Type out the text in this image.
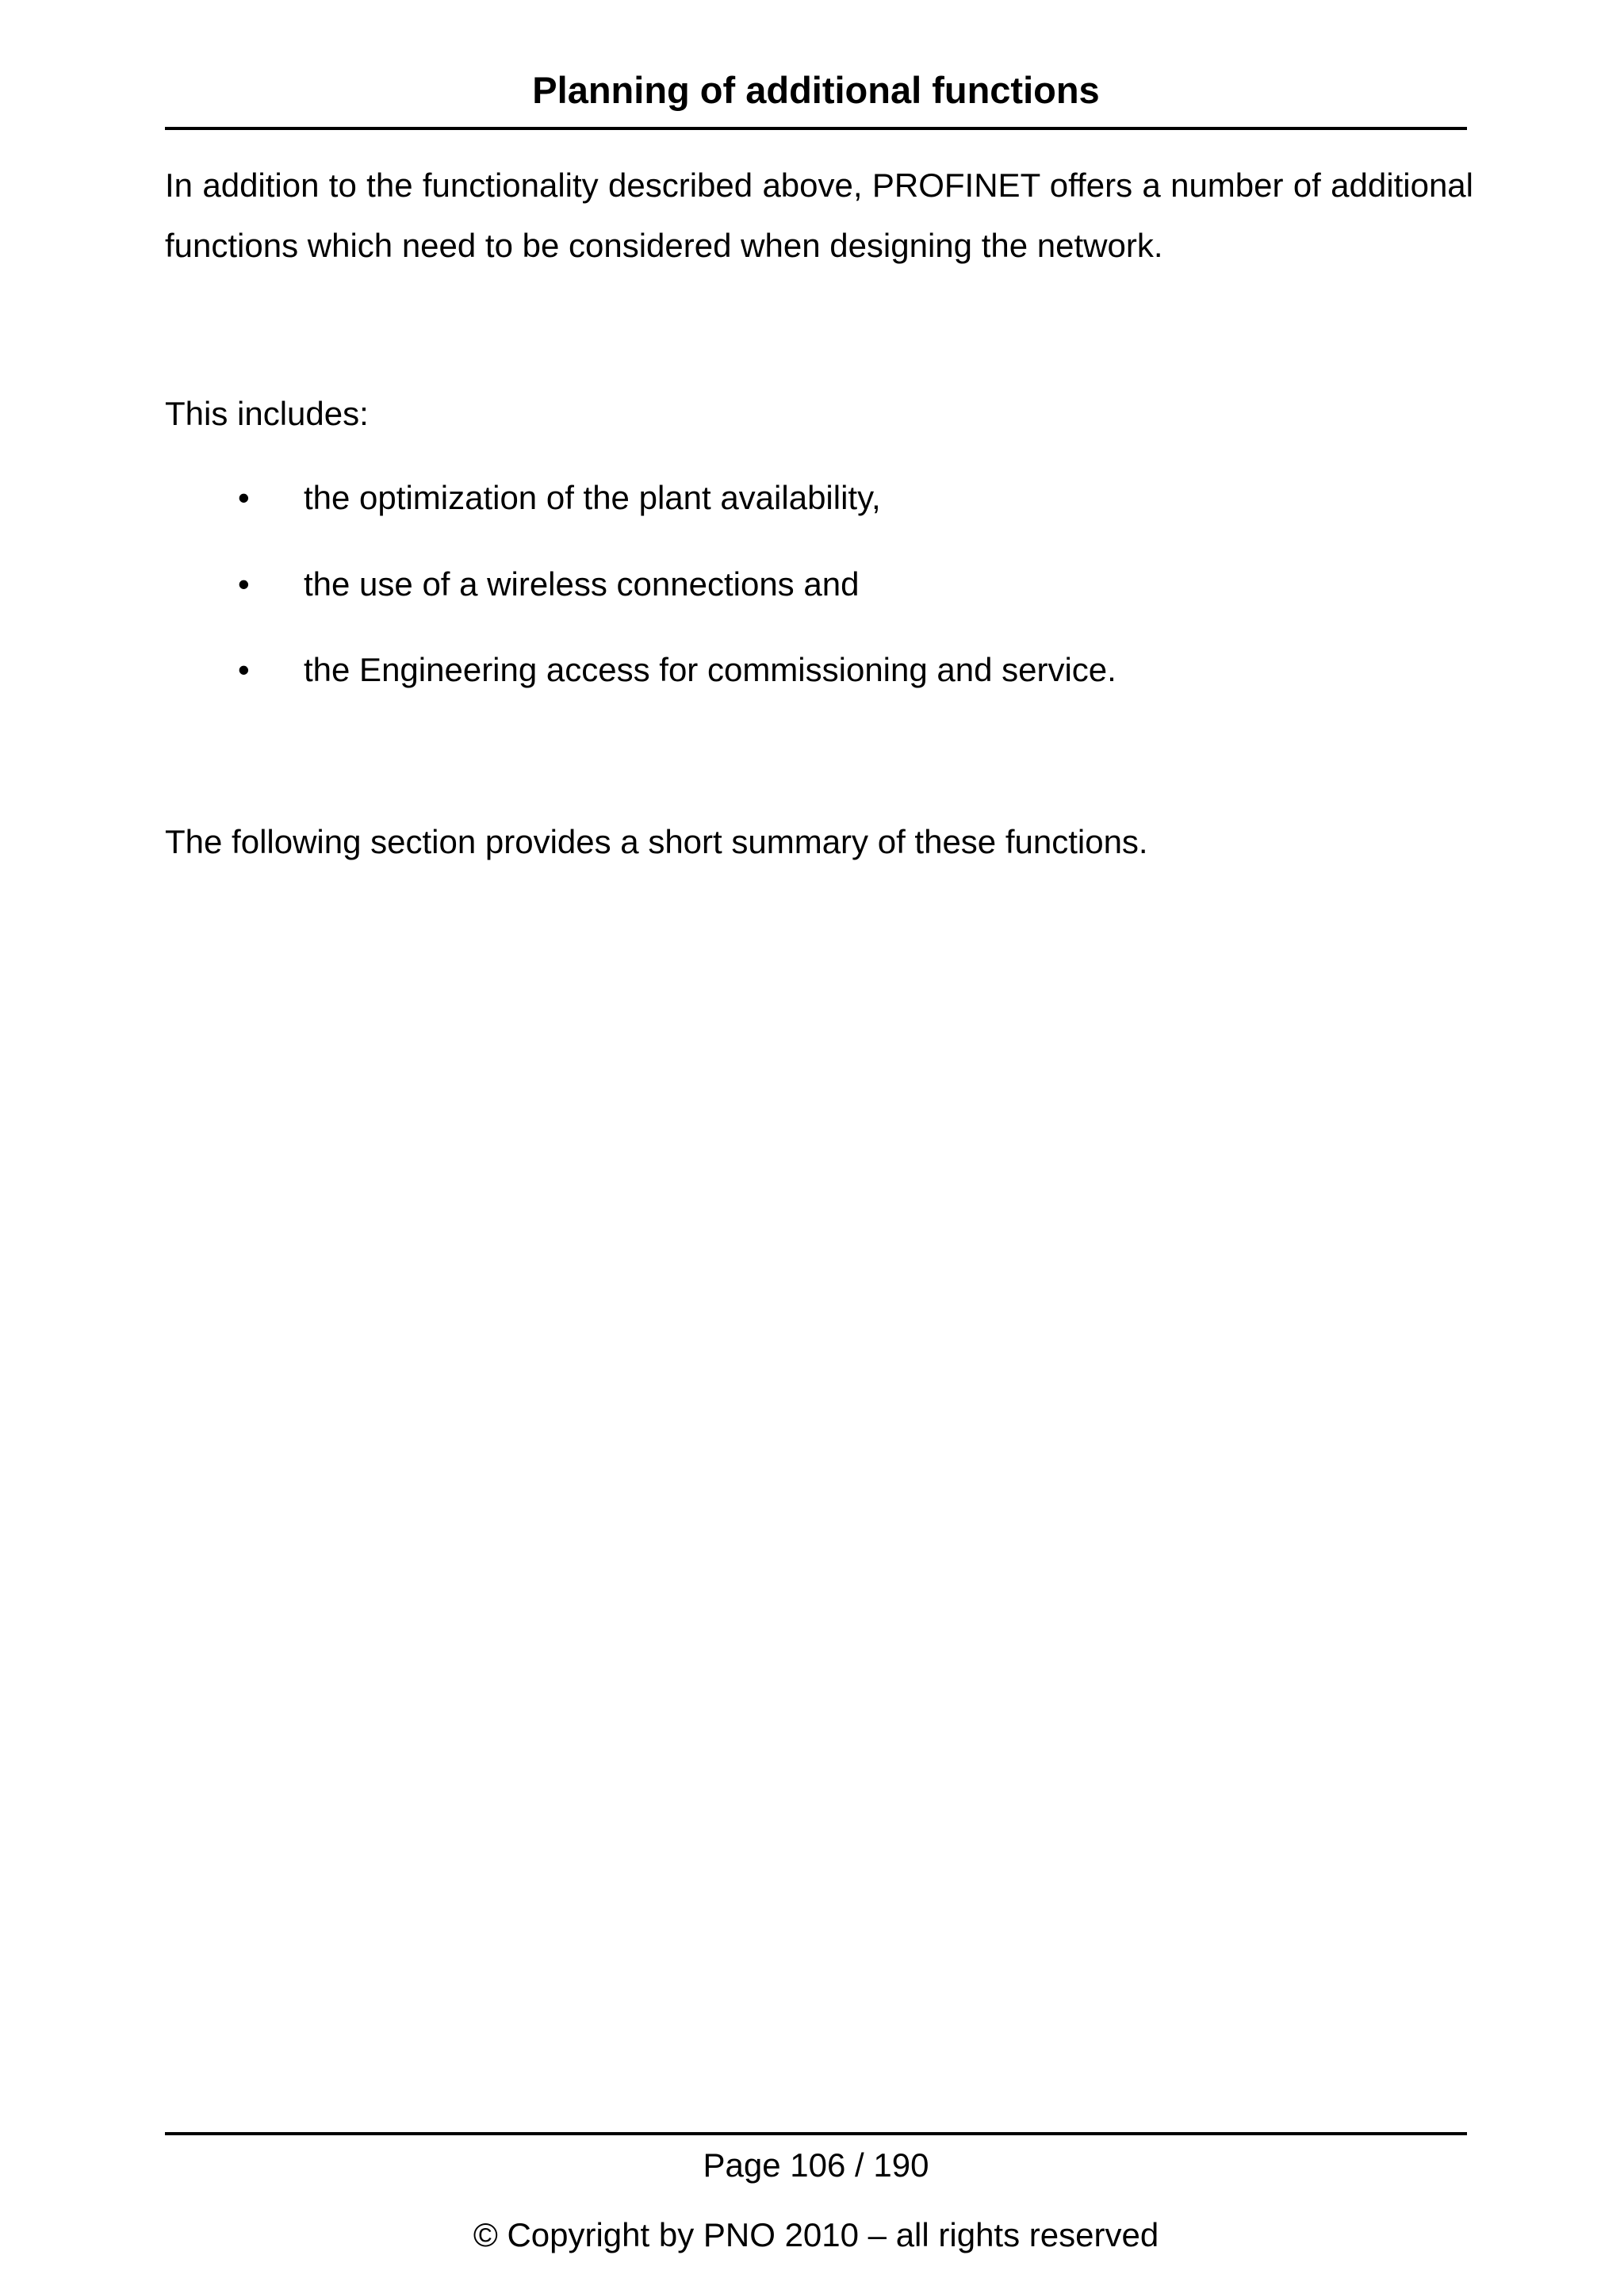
Planning of additional functions
In addition to the functionality described above, PROFINET offers a number of additional functions which need to be considered when designing the network.
This includes:
• the optimization of the plant availability,
• the use of a wireless connections and
• the Engineering access for commissioning and service.
The following section provides a short summary of these functions.
Page 106 / 190
© Copyright by PNO 2010 – all rights reserved
